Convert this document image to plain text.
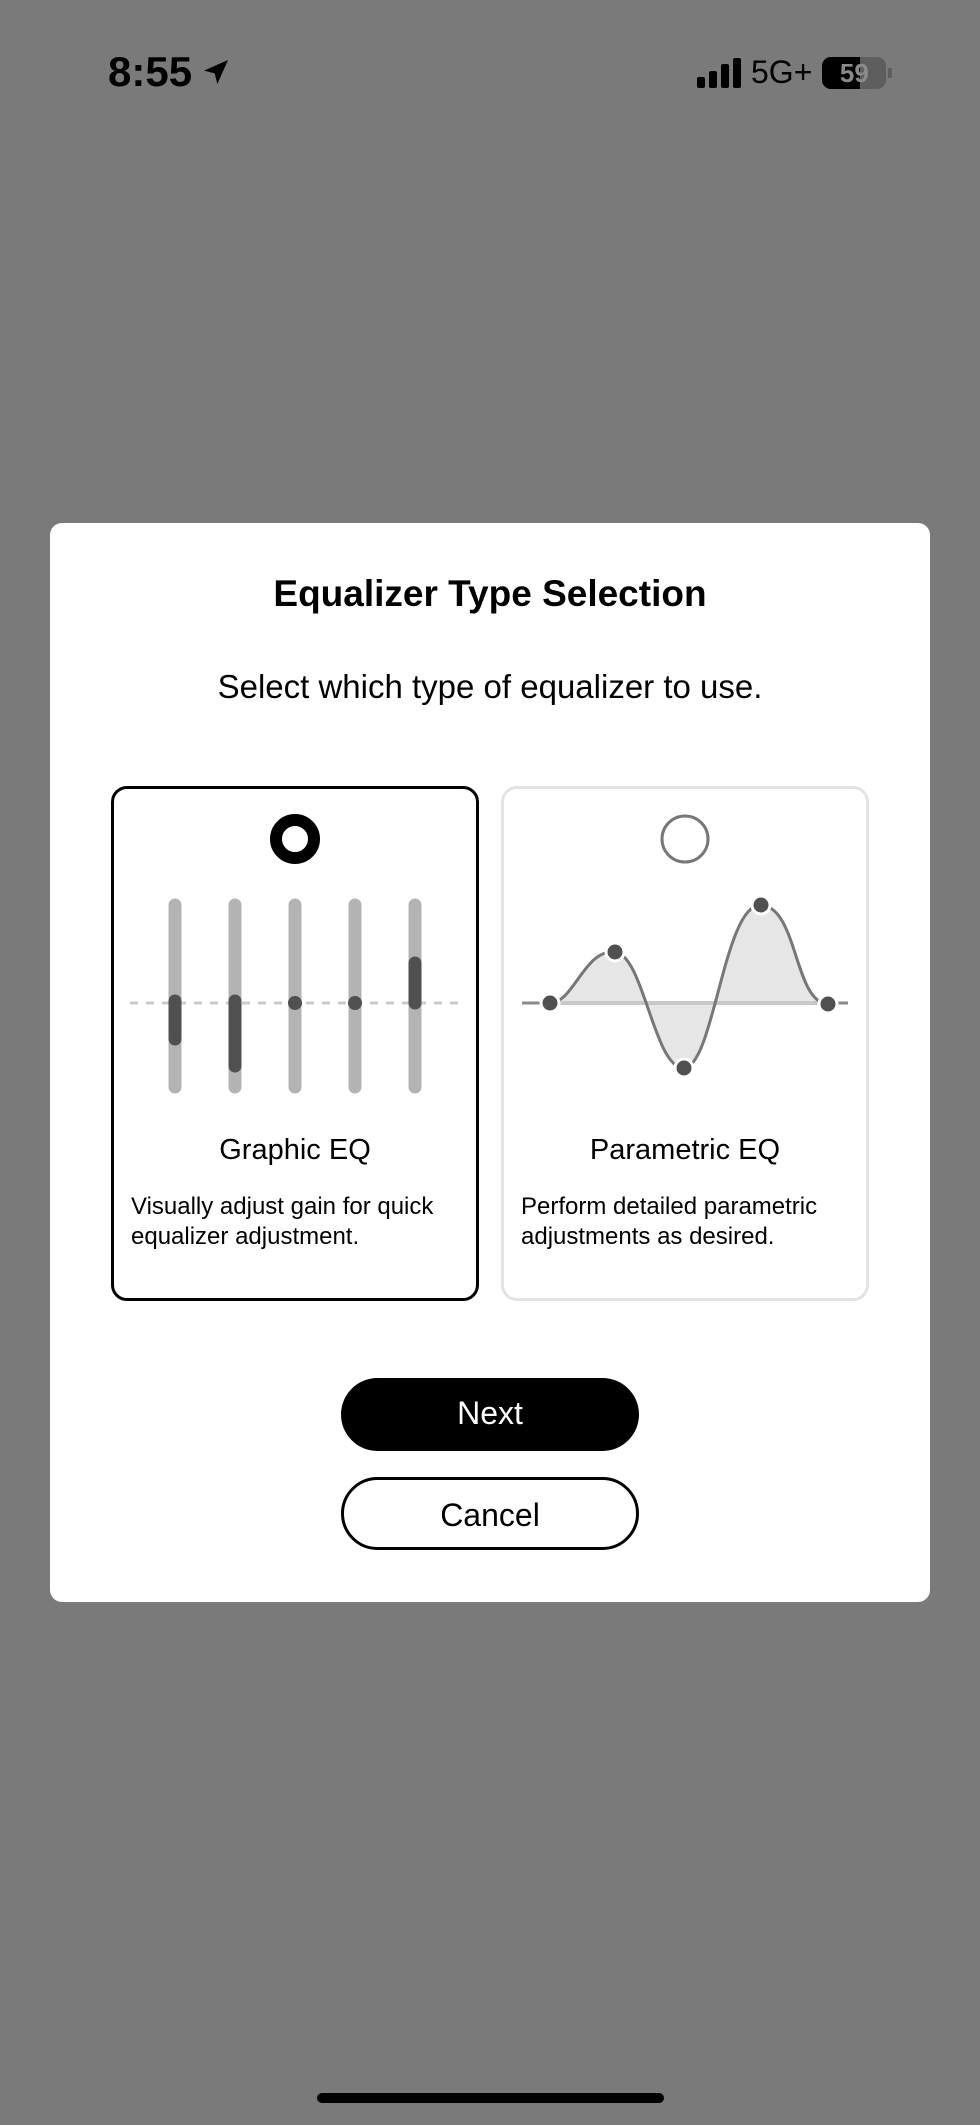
8:55	5G+	59
Equalizer Type Selection
Select which type of equalizer to use.
Graphic EQ
Visually adjust gain for quick equalizer adjustment.
Parametric EQ
Perform detailed parametric adjustments as desired.
Next
Cancel
